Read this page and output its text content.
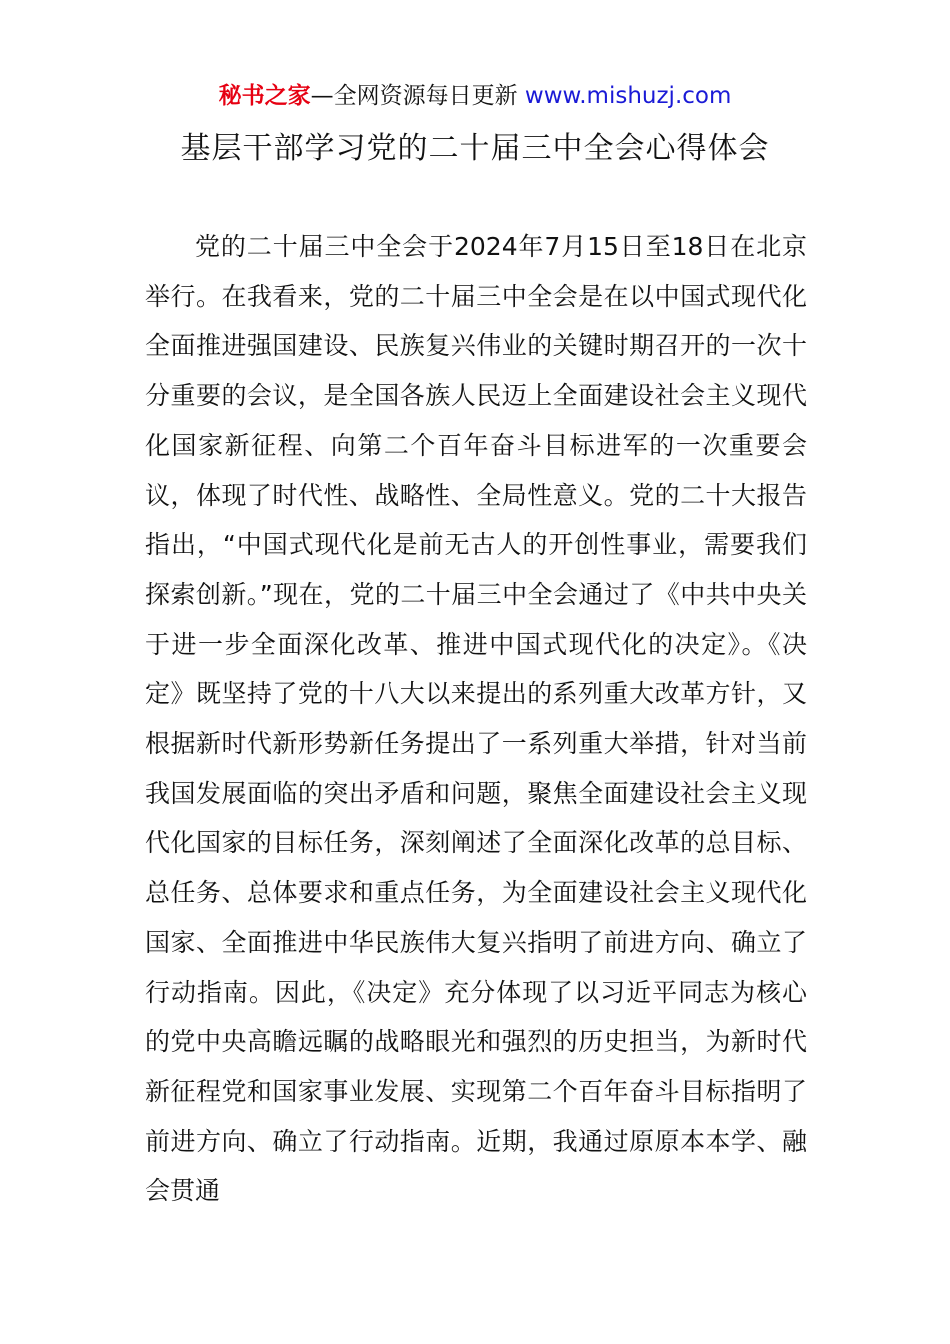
秘书之家—全网资源每日更新 www.mishuzj.com
基层干部学习党的二十届三中全会心得体会

党的二十届三中全会于2024年7月15日至18日在北京举行。在我看来，党的二十届三中全会是在以中国式现代化全面推进强国建设、民族复兴伟业的关键时期召开的一次十分重要的会议，是全国各族人民迈上全面建设社会主义现代化国家新征程、向第二个百年奋斗目标进军的一次重要会议，体现了时代性、战略性、全局性意义。党的二十大报告指出，“中国式现代化是前无古人的开创性事业，需要我们探索创新。”现在，党的二十届三中全会通过了《中共中央关于进一步全面深化改革、推进中国式现代化的决定》。《决定》既坚持了党的十八大以来提出的系列重大改革方针，又根据新时代新形势新任务提出了一系列重大举措，针对当前我国发展面临的突出矛盾和问题，聚焦全面建设社会主义现代化国家的目标任务，深刻阐述了全面深化改革的总目标、总任务、总体要求和重点任务，为全面建设社会主义现代化国家、全面推进中华民族伟大复兴指明了前进方向、确立了行动指南。因此，《决定》充分体现了以习近平同志为核心的党中央高瞻远瞩的战略眼光和强烈的历史担当，为新时代新征程党和国家事业发展、实现第二个百年奋斗目标指明了前进方向、确立了行动指南。近期，我通过原原本本学、融会贯通
